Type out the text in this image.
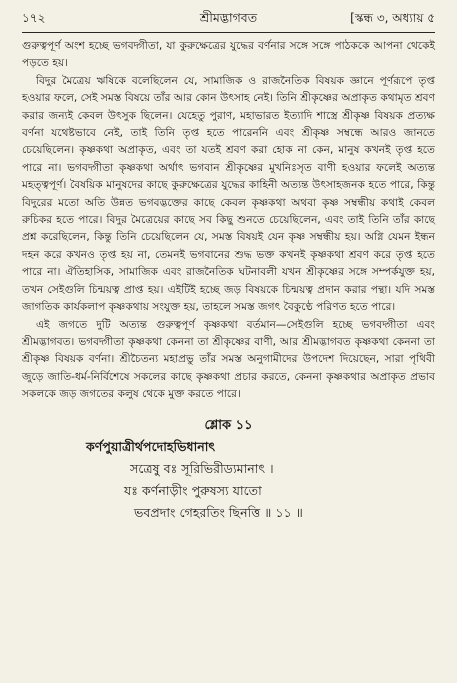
১৭২	শ্রীমদ্ভাগবত	[স্কন্ধ ৩, অধ্যায় ৫

গুরুত্বপূর্ণ অংশ হচ্ছে ভগবদ্গীতা, যা কুরুক্ষেত্রের যুদ্ধের বর্ণনার সঙ্গে সঙ্গে পাঠককে আপনা থেকেই পড়তে হয়।

বিদুর মৈত্রেয় ঋষিকে বলেছিলেন যে, সামাজিক ও রাজনৈতিক বিষয়ক জ্ঞানে পূর্ণরূপে তৃপ্ত হওয়ার ফলে, সেই সমস্ত বিষয়ে তাঁর আর কোন উৎসাহ নেই। তিনি শ্রীকৃষ্ণের অপ্রাকৃত কথামৃত শ্রবণ করার জন্যই কেবল উৎসুক ছিলেন। যেহেতু পুরাণ, মহাভারত ইত্যাদি শাস্ত্রে শ্রীকৃষ্ণ বিষয়ক প্রত্যক্ষ বর্ণনা যথেষ্টভাবে নেই, তাই তিনি তৃপ্ত হতে পারেননি এবং শ্রীকৃষ্ণ সম্বন্ধে আরও জানতে চেয়েছিলেন। কৃষ্ণকথা অপ্রাকৃত, এবং তা যতই শ্রবণ করা হোক না কেন, মানুষ কখনই তৃপ্ত হতে পারে না। ভগবদ্গীতা কৃষ্ণকথা অর্থাৎ ভগবান শ্রীকৃষ্ণের মুখনিঃসৃত বাণী হওয়ার ফলেই অত্যন্ত মহত্ত্বপূর্ণ। বৈষয়িক মানুষদের কাছে কুরুক্ষেত্রের যুদ্ধের কাহিনী অত্যন্ত উৎসাহজনক হতে পারে, কিন্তু বিদুরের মতো অতি উন্নত ভগবদ্ভক্তের কাছে কেবল কৃষ্ণকথা অথবা কৃষ্ণ সম্বন্ধীয় কথাই কেবল রুচিকর হতে পারে। বিদুর মৈত্রেয়ের কাছে সব কিছু শুনতে চেয়েছিলেন, এবং তাই তিনি তাঁর কাছে প্রশ্ন করেছিলেন, কিন্তু তিনি চেয়েছিলেন যে, সমস্ত বিষয়ই যেন কৃষ্ণ সম্বন্ধীয় হয়। অগ্নি যেমন ইন্ধন দহন করে কখনও তৃপ্ত হয় না, তেমনই ভগবানের শুদ্ধ ভক্ত কখনই কৃষ্ণকথা শ্রবণ করে তৃপ্ত হতে পারে না। ঐতিহাসিক, সামাজিক এবং রাজনৈতিক ঘটনাবলী যখন শ্রীকৃষ্ণের সঙ্গে সম্পর্কযুক্ত হয়, তখন সেইগুলি চিন্ময়ত্ব প্রাপ্ত হয়। এইটিই হচ্ছে জড় বিষয়কে চিন্ময়ত্ব প্রদান করার পন্থা। যদি সমস্ত জাগতিক কার্যকলাপ কৃষ্ণকথায় সংযুক্ত হয়, তাহলে সমস্ত জগৎ বৈকুণ্ঠে পরিণত হতে পারে।

এই জগতে দুটি অত্যন্ত গুরুত্বপূর্ণ কৃষ্ণকথা বর্তমান—সেইগুলি হচ্ছে ভগবদ্গীতা এবং শ্রীমদ্ভাগবত। ভগবদ্গীতা কৃষ্ণকথা কেননা তা শ্রীকৃষ্ণের বাণী, আর শ্রীমদ্ভাগবত কৃষ্ণকথা কেননা তা শ্রীকৃষ্ণ বিষয়ক বর্ণনা। শ্রীচৈতন্য মহাপ্রভু তাঁর সমস্ত অনুগামীদের উপদেশ দিয়েছেন, সারা পৃথিবী জুড়ে জাতি-ধর্ম-নির্বিশেষে সকলের কাছে কৃষ্ণকথা প্রচার করতে, কেননা কৃষ্ণকথার অপ্রাকৃত প্রভাব সকলকে জড় জগতের কলুষ থেকে মুক্ত করতে পারে।

শ্লোক ১১
কর্ণপুয়াত্রীর্থপদোহভিধানাৎ
সত্রেষু বঃ সূরিভিরীড্যমানাৎ ।
যঃ কর্ণনাড়ীং পুরুষস্য যাতো
ভবপ্রদাং গেহরতিং ছিনত্তি ॥ ১১ ॥
